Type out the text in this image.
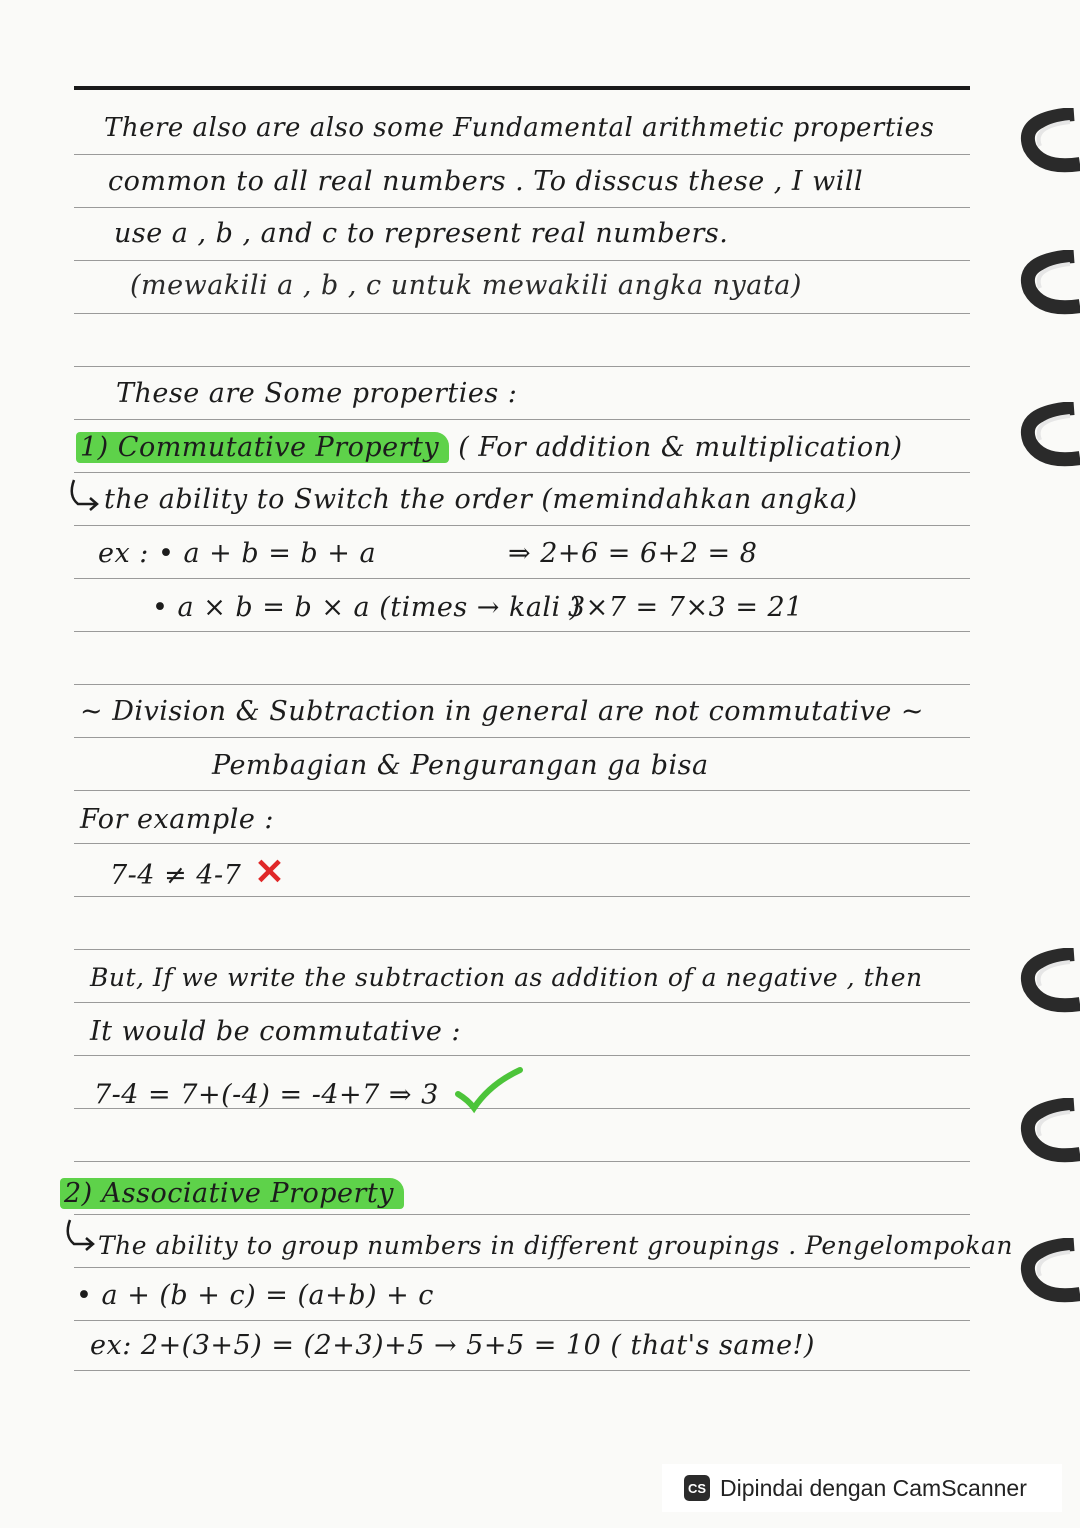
There also are also some Fundamental arithmetic properties
common to all real numbers . To disscus these , I will
use a , b , and c to represent real numbers.
(mewakili a , b , c untuk mewakili angka nyata)
These are Some properties :
1) Commutative Property ( For addition & multiplication)
the ability to Switch the order (memindahkan angka)
ex : • a + b = b + a	⇒ 2+6 = 6+2 = 8
• a × b = b × a (times → kali )
3×7 = 7×3 = 21
~ Division & Subtraction in general are not commutative ~
Pembagian & Pengurangan ga bisa
For example :
7-4 ≠ 4-7 ✕
But, If we write the subtraction as addition of a negative , then
It would be commutative :
7-4 = 7+(-4) = -4+7 ⇒ 3
2) Associative Property
The ability to group numbers in different groupings . Pengelompokan
• a + (b + c) = (a+b) + c
ex: 2+(3+5) = (2+3)+5 → 5+5 = 10 ( that's same!)
CS Dipindai dengan CamScanner
